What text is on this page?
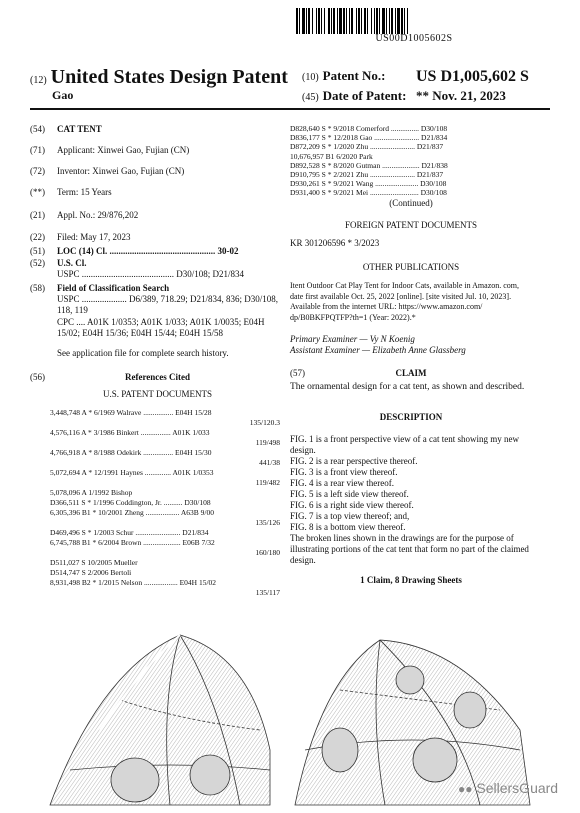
US00D1005602S
(12) United States Design Patent
Gao
(10) Patent No.: US D1,005,602 S
(45) Date of Patent: ** Nov. 21, 2023
(54) CAT TENT
(71) Applicant: Xinwei Gao, Fujian (CN)
(72) Inventor: Xinwei Gao, Fujian (CN)
(**) Term: 15 Years
(21) Appl. No.: 29/876,202
(22) Filed: May 17, 2023
(51) LOC (14) Cl. ............................................... 30-02
(52) U.S. Cl.
USPC ......................................... D30/108; D21/834
(58) Field of Classification Search
USPC .................... D6/389, 718.29; D21/834, 836; D30/108, 118, 119
CPC .... A01K 1/0353; A01K 1/033; A01K 1/0035; E04H 15/02; E04H 15/36; E04H 15/44; E04H 15/58
See application file for complete search history.
(56)	References Cited
U.S. PATENT DOCUMENTS
3,448,748 A * 6/1969 Walrave ................ E04H 15/28
135/120.3
4,576,116 A * 3/1986 Binkert ................ A01K 1/033
119/498
4,766,918 A * 8/1988 Odekirk ................ E04H 15/30
441/38
5,072,694 A * 12/1991 Haynes .............. A01K 1/0353
119/482
5,078,096 A 1/1992 Bishop
D366,511 S * 1/1996 Coddington, Jr. .......... D30/108
6,305,396 B1 * 10/2001 Zheng .................. A63B 9/00
135/126
D469,496 S * 1/2003 Schur ........................ D21/834
6,745,788 B1 * 6/2004 Brown .................... E06B 7/32
160/180
D511,027 S 10/2005 Mueller
D514,747 S 2/2006 Bertoli
8,931,498 B2 * 1/2015 Nelson .................. E04H 15/02
135/117
D828,640 S * 9/2018 Comerford ............... D30/108
D836,177 S * 12/2018 Gao ........................ D21/834
D872,209 S * 1/2020 Zhu ........................ D21/837
10,676,957 B1 6/2020 Park
D892,528 S * 8/2020 Gutman .................... D21/838
D910,795 S * 2/2021 Zhu ........................ D21/837
D930,261 S * 9/2021 Wang ....................... D30/108
D931,400 S * 9/2021 Mei .......................... D30/108
(Continued)
FOREIGN PATENT DOCUMENTS
KR 301206596 * 3/2023
OTHER PUBLICATIONS
Itent Outdoor Cat Play Tent for Indoor Cats, available in Amazon. com, date first available Oct. 25, 2022 [online]. [site visited Jul. 10, 2023]. Available from the internet URL: https://www.amazon.com/ dp/B0BKFPQTFP?th=1 (Year: 2022).*
Primary Examiner — Vy N Koenig
Assistant Examiner — Elizabeth Anne Glassberg
(57)	CLAIM
The ornamental design for a cat tent, as shown and described.
DESCRIPTION

FIG. 1 is a front perspective view of a cat tent showing my new design.

FIG. 2 is a rear perspective thereof.

FIG. 3 is a front view thereof.

FIG. 4 is a rear view thereof.

FIG. 5 is a left side view thereof.

FIG. 6 is a right side view thereof.

FIG. 7 is a top view thereof; and,

FIG. 8 is a bottom view thereof.

The broken lines shown in the drawings are for the purpose of illustrating portions of the cat tent that form no part of the claimed design.

1 Claim, 8 Drawing Sheets
●● SellersGuard
